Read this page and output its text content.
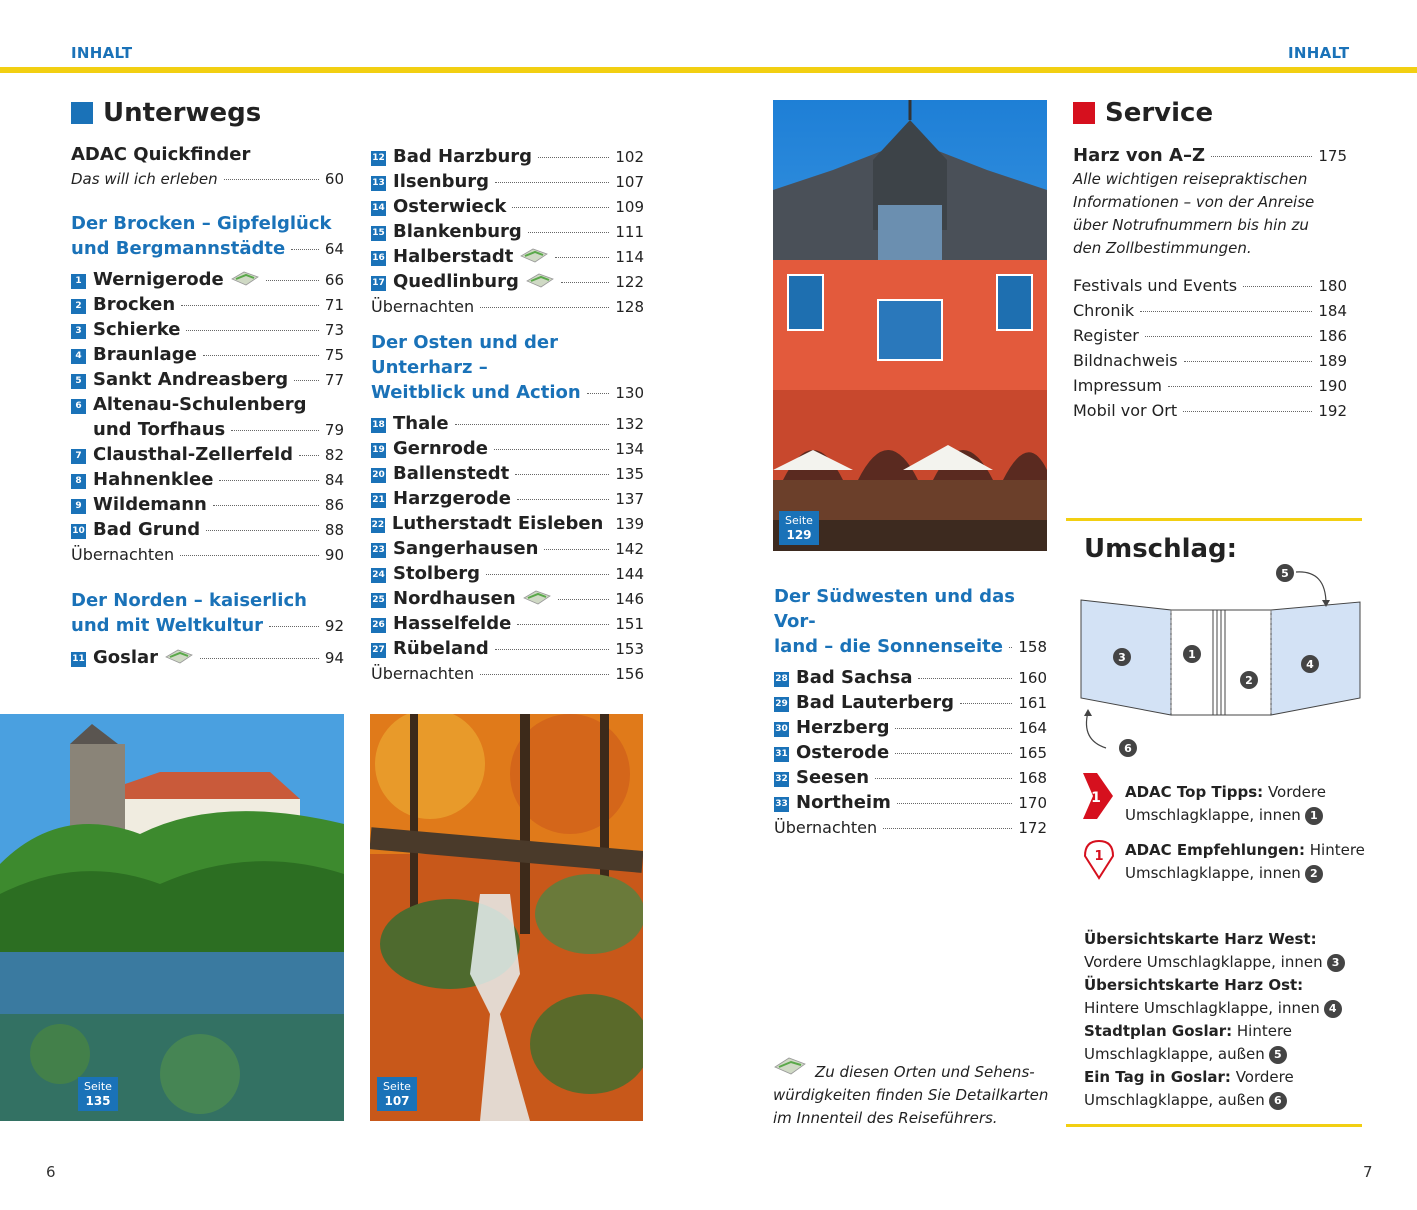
INHALT	INHALT
Unterwegs
ADAC Quickfinder
Das will ich erleben	60
Der Brocken – Gipfelglück
und Bergmannstädte	64
1 Wernigerode	66
2 Brocken	71
3 Schierke	73
4 Braunlage	75
5 Sankt Andreasberg 77
6 Altenau-Schulenberg
und Torfhaus	79
7 Clausthal-Zellerfeld 82
8 Hahnenklee	84
9 Wildemann	86
10 Bad Grund	88
Übernachten	90
Der Norden – kaiserlich
und mit Weltkultur	92
11 Goslar	94
12 Bad Harzburg	102
13 Ilsenburg	107
14 Osterwieck	109
15 Blankenburg	111
16 Halberstadt	114
17 Quedlinburg	122
Übernachten	128
Der Osten und der Unterharz –
Weitblick und Action 130
18 Thale	132
19 Gernrode	134
20 Ballenstedt	135
21 Harzgerode	137
22 Lutherstadt Eisleben 139
23 Sangerhausen	142
24 Stolberg	144
25 Nordhausen	146
26 Hasselfelde	151
27 Rübeland	153
Übernachten	156
Seite
129
Service
Harz von A–Z	175
Alle wichtigen reisepraktischen
Informationen – von der Anreise
über Notrufnummern bis hin zu
den Zollbestimmungen.
Festivals und Events	180
Chronik	184
Register	186
Bildnachweis	189
Impressum	190
Mobil vor Ort	192
Umschlag:
1
2
3
4
5
6
1 ADAC Top Tipps: Vordere
Umschlagklappe, innen 1
1 ADAC Empfehlungen: Hintere
Umschlagklappe, innen 2
Übersichtskarte Harz West:
Vordere Umschlagklappe, innen 3
Übersichtskarte Harz Ost:
Hintere Umschlagklappe, innen 4
Stadtplan Goslar: Hintere
Umschlagklappe, außen 5
Ein Tag in Goslar: Vordere
Umschlagklappe, außen 6
Der Südwesten und das Vor-
land – die Sonnenseite 158
28 Bad Sachsa	160
29 Bad Lauterberg	161
30 Herzberg	164
31 Osterode	165
32 Seesen	168
33 Northeim	170
Übernachten	172
Zu diesen Orten und Sehens-
würdigkeiten finden Sie Detailkarten
im Innenteil des Reiseführers.
Seite
135
Seite
107
6	7
